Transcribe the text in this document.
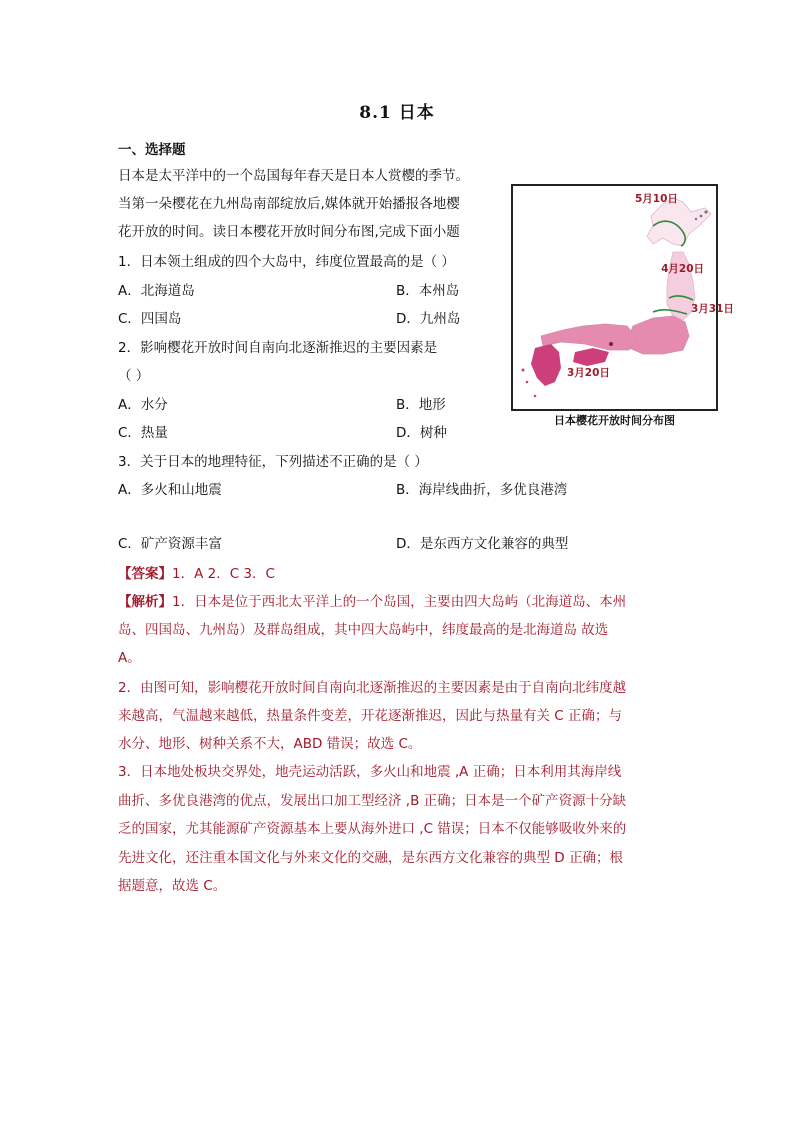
8.1 日本
一、选择题
日本是太平洋中的一个岛国每年春天是日本人赏樱的季节。
当第一朵樱花在九州岛南部绽放后,媒体就开始播报各地樱
花开放的时间。读日本樱花开放时间分布图,完成下面小题
1．日本领土组成的四个大岛中，纬度位置最高的是（ ）
A．北海道岛	B．本州岛
C．四国岛	D．九州岛
2．影响樱花开放时间自南向北逐渐推迟的主要因素是
（ ）
A．水分	B．地形
C．热量	D．树种
3．关于日本的地理特征，下列描述不正确的是（ ）
A．多火和山地震	B．海岸线曲折，多优良港湾
C．矿产资源丰富	D．是东西方文化兼容的典型
【答案】1．A 2．C 3．C
【解析】1．日本是位于西北太平洋上的一个岛国，主要由四大岛屿（北海道岛、本州
岛、四国岛、九州岛）及群岛组成，其中四大岛屿中，纬度最高的是北海道岛 故选
A。
2．由图可知，影响樱花开放时间自南向北逐渐推迟的主要因素是由于自南向北纬度越
来越高，气温越来越低，热量条件变差，开花逐渐推迟，因此与热量有关 C 正确；与
水分、地形、树种关系不大，ABD 错误；故选 C。
3．日本地处板块交界处，地壳运动活跃，多火山和地震 ,A 正确；日本利用其海岸线
曲折、多优良港湾的优点，发展出口加工型经济 ,B 正确；日本是一个矿产资源十分缺
乏的国家，尤其能源矿产资源基本上要从海外进口 ,C 错误；日本不仅能够吸收外来的
先进文化，还注重本国文化与外来文化的交融，是东西方文化兼容的典型 D 正确；根
据题意，故选 C。
5月10日
4月20日
3月31日
3月20日
日本樱花开放时间分布图
